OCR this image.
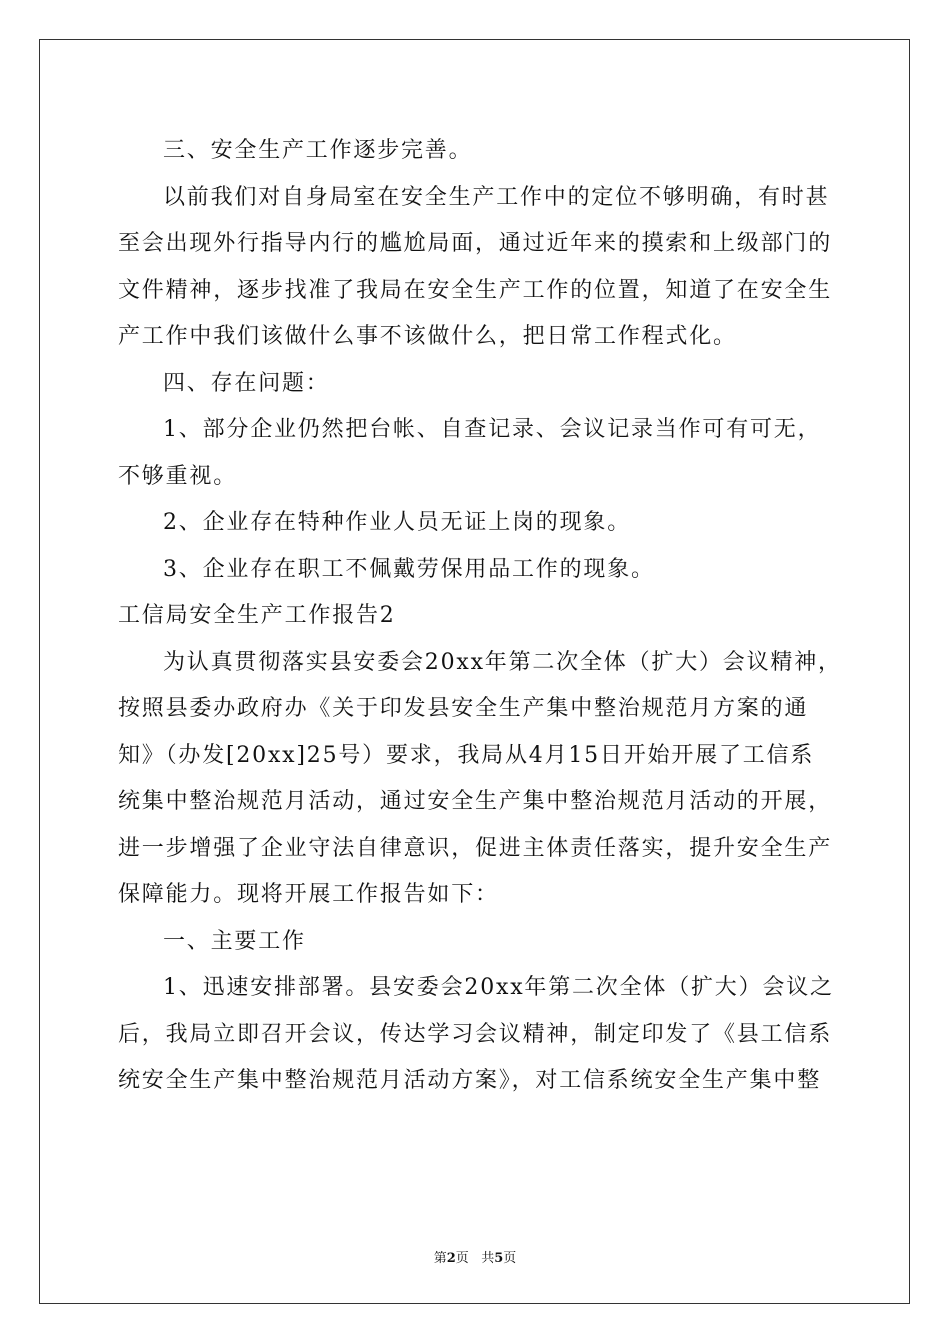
三、安全生产工作逐步完善。
以前我们对自身局室在安全生产工作中的定位不够明确，有时甚
至会出现外行指导内行的尴尬局面，通过近年来的摸索和上级部门的
文件精神，逐步找准了我局在安全生产工作的位置，知道了在安全生
产工作中我们该做什么事不该做什么，把日常工作程式化。
四、存在问题：
1、部分企业仍然把台帐、自查记录、会议记录当作可有可无，
不够重视。
2、企业存在特种作业人员无证上岗的现象。
3、企业存在职工不佩戴劳保用品工作的现象。
工信局安全生产工作报告2
为认真贯彻落实县安委会20xx年第二次全体（扩大）会议精神，
按照县委办政府办《关于印发县安全生产集中整治规范月方案的通
知》（办发[20xx]25号）要求，我局从4月15日开始开展了工信系
统集中整治规范月活动，通过安全生产集中整治规范月活动的开展，
进一步增强了企业守法自律意识，促进主体责任落实，提升安全生产
保障能力。现将开展工作报告如下：
一、主要工作
1、迅速安排部署。县安委会20xx年第二次全体（扩大）会议之
后，我局立即召开会议，传达学习会议精神，制定印发了《县工信系
统安全生产集中整治规范月活动方案》，对工信系统安全生产集中整
第2页 共5页
